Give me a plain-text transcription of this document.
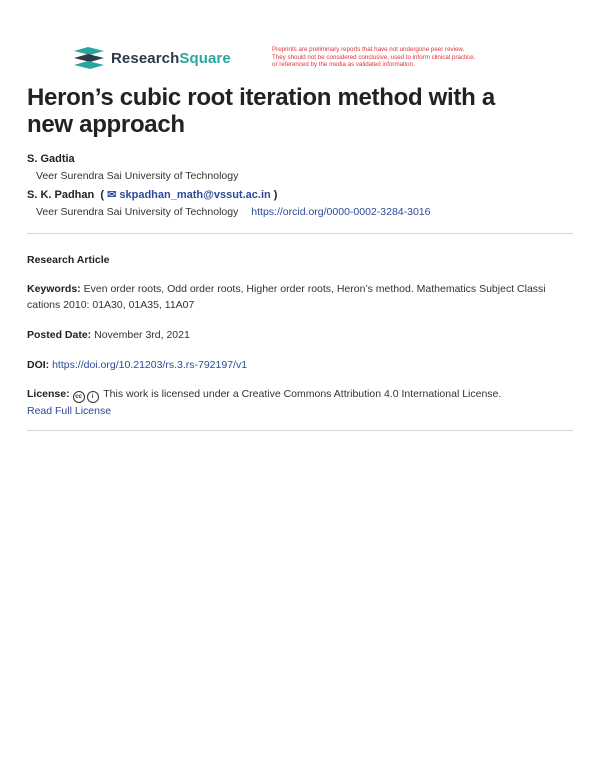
ResearchSquare	Preprints are preliminary reports that have not undergone peer review.
They should not be considered conclusive, used to inform clinical practice,
or referenced by the media as validated information.
Heron’s cubic root iteration method with a new approach
S. Gadtia
Veer Surendra Sai University of Technology
S. K. Padhan  ( ✉ skpadhan_math@vssut.ac.in )
Veer Surendra Sai University of Technology https://orcid.org/0000-0002-3284-3016
Research Article
Keywords: Even order roots, Odd order roots, Higher order roots, Heron’s method. Mathematics Subject Classi cations 2010: 01A30, 01A35, 11A07
Posted Date: November 3rd, 2021
DOI: https://doi.org/10.21203/rs.3.rs-792197/v1
License: cc i This work is licensed under a Creative Commons Attribution 4.0 International License.
Read Full License
